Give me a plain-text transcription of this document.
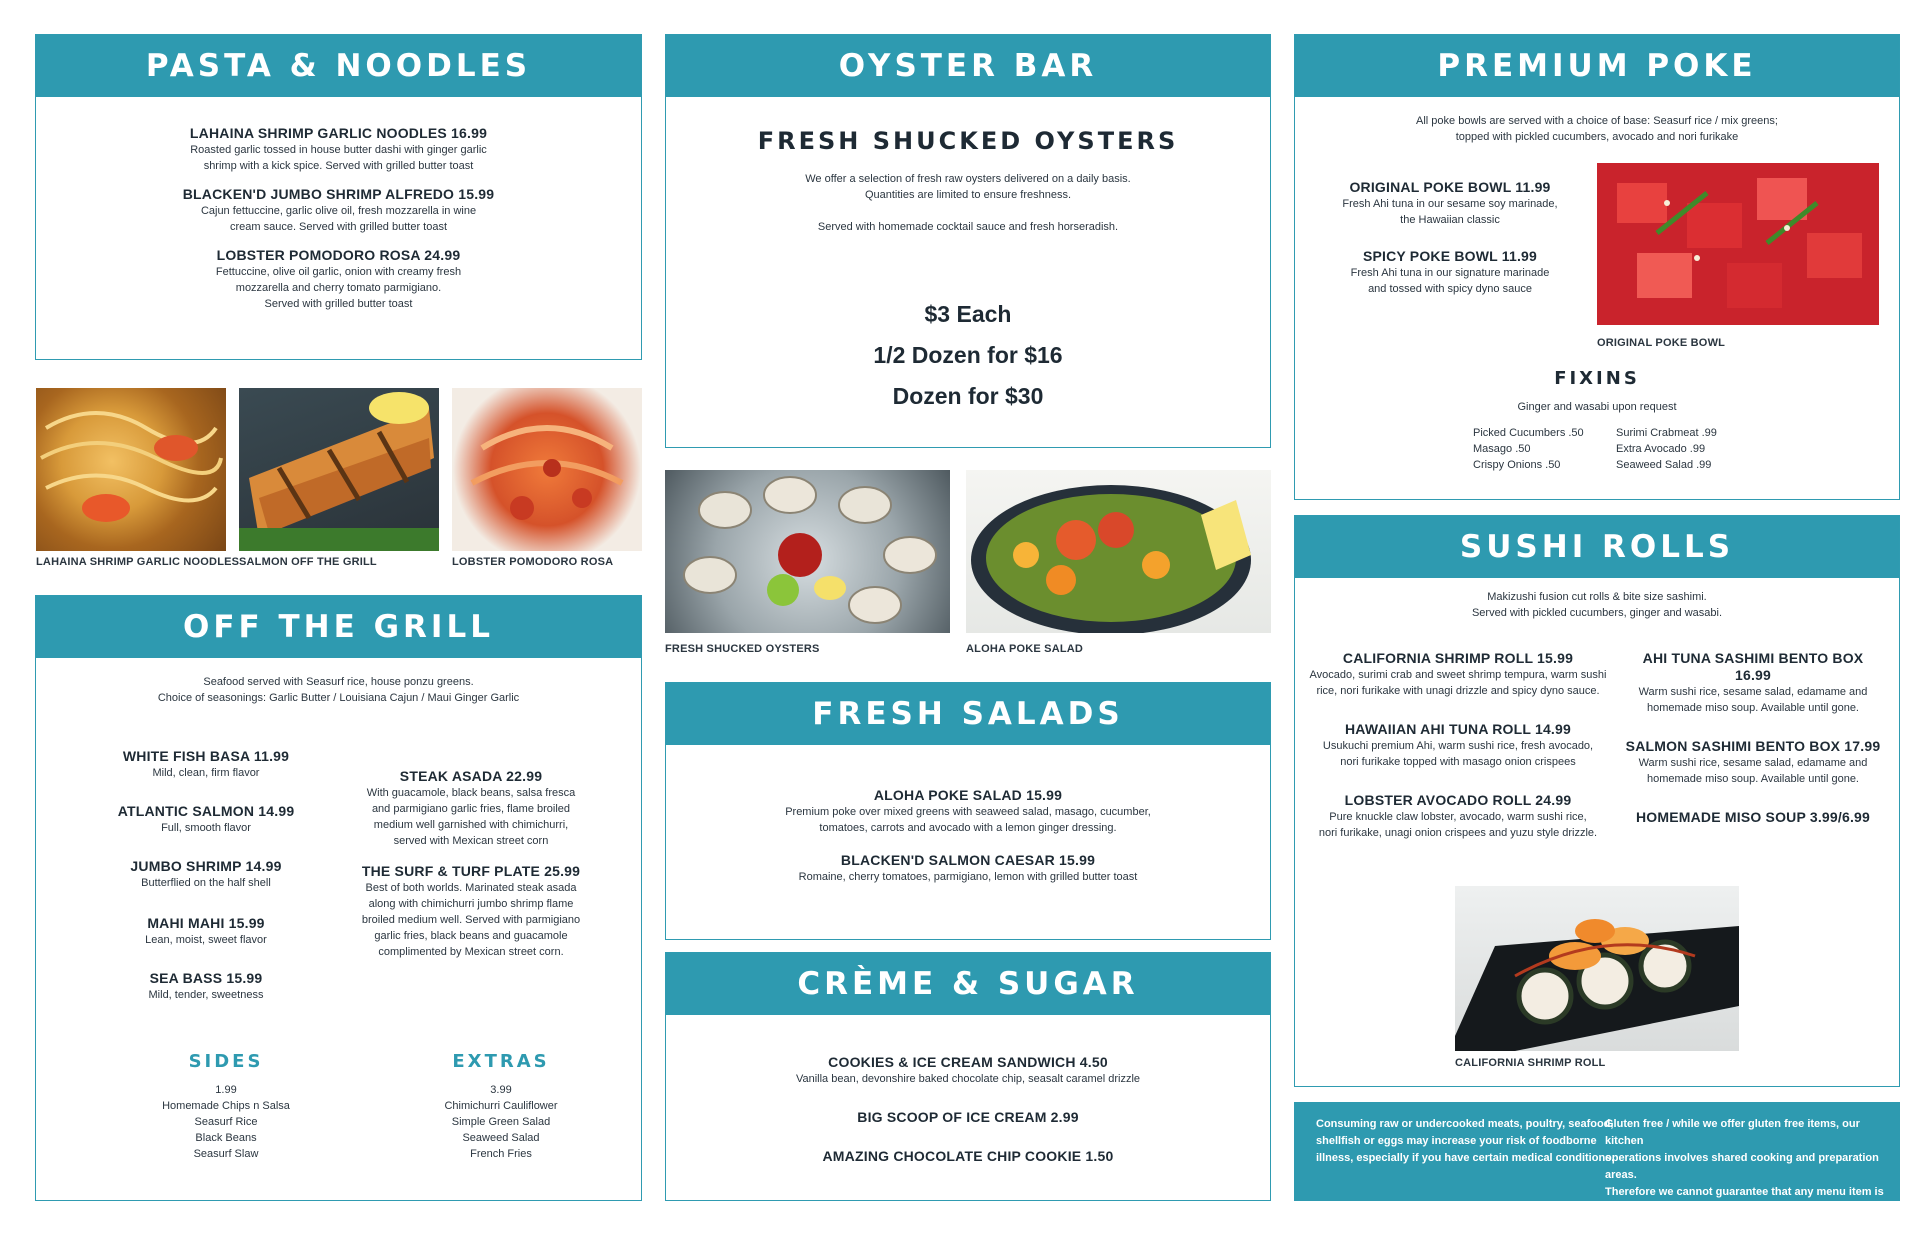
PASTA & NOODLES

LAHAINA SHRIMP GARLIC NOODLES 16.99

Roasted garlic tossed in house butter dashi with ginger garlic

shrimp with a kick spice. Served with grilled butter toast

BLACKEN'D JUMBO SHRIMP ALFREDO 15.99

Cajun fettuccine, garlic olive oil, fresh mozzarella in wine

cream sauce. Served with grilled butter toast

LOBSTER POMODORO ROSA 24.99

Fettuccine, olive oil garlic, onion with creamy fresh

mozzarella and cherry tomato parmigiano.

Served with grilled butter toast

LAHAINA SHRIMP GARLIC NOODLES SALMON OFF THE GRILL	LOBSTER POMODORO ROSA
OFF THE GRILL

Seafood served with Seasurf rice, house ponzu greens.

Choice of seasonings: Garlic Butter / Louisiana Cajun / Maui Ginger Garlic

WHITE FISH BASA 11.99

Mild, clean, firm flavor

ATLANTIC SALMON 14.99

Full, smooth flavor

JUMBO SHRIMP 14.99

Butterflied on the half shell

MAHI MAHI 15.99

Lean, moist, sweet flavor

SEA BASS 15.99

Mild, tender, sweetness

STEAK ASADA 22.99

With guacamole, black beans, salsa fresca

and parmigiano garlic fries, flame broiled

medium well garnished with chimichurri,

served with Mexican street corn

THE SURF & TURF PLATE 25.99

Best of both worlds. Marinated steak asada

along with chimichurri jumbo shrimp flame

broiled medium well. Served with parmigiano

garlic fries, black beans and guacamole

complimented by Mexican street corn.

SIDES

1.99

Homemade Chips n Salsa

Seasurf Rice

Black Beans

Seasurf Slaw

EXTRAS

3.99

Chimichurri Cauliflower

Simple Green Salad

Seaweed Salad

French Fries

OYSTER BAR
FRESH SHUCKED OYSTERS

We offer a selection of fresh raw oysters delivered on a daily basis.

Quantities are limited to ensure freshness.

Served with homemade cocktail sauce and fresh horseradish.

$3 Each

1/2 Dozen for $16

Dozen for $30

FRESH SHUCKED OYSTERS	ALOHA POKE SALAD
FRESH SALADS

ALOHA POKE SALAD 15.99

Premium poke over mixed greens with seaweed salad, masago, cucumber,

tomatoes, carrots and avocado with a lemon ginger dressing.

BLACKEN'D SALMON CAESAR 15.99

Romaine, cherry tomatoes, parmigiano, lemon with grilled butter toast

CRÈME & SUGAR

COOKIES & ICE CREAM SANDWICH 4.50

Vanilla bean, devonshire baked chocolate chip, seasalt caramel drizzle

BIG SCOOP OF ICE CREAM 2.99

AMAZING CHOCOLATE CHIP COOKIE 1.50

PREMIUM POKE

All poke bowls are served with a choice of base: Seasurf rice / mix greens;

topped with pickled cucumbers, avocado and nori furikake

ORIGINAL POKE BOWL 11.99

Fresh Ahi tuna in our sesame soy marinade,

the Hawaiian classic

SPICY POKE BOWL 11.99

Fresh Ahi tuna in our signature marinade

and tossed with spicy dyno sauce

ORIGINAL POKE BOWL
FIXINS

Ginger and wasabi upon request

Picked Cucumbers .50

Masago .50

Crispy Onions .50

Surimi Crabmeat .99

Extra Avocado .99

Seaweed Salad .99

SUSHI ROLLS

Makizushi fusion cut rolls & bite size sashimi.

Served with pickled cucumbers, ginger and wasabi.

CALIFORNIA SHRIMP ROLL 15.99

Avocado, surimi crab and sweet shrimp tempura, warm sushi

rice, nori furikake with unagi drizzle and spicy dyno sauce.

HAWAIIAN AHI TUNA ROLL 14.99

Usukuchi premium Ahi, warm sushi rice, fresh avocado,

nori furikake topped with masago onion crispees

LOBSTER AVOCADO ROLL 24.99

Pure knuckle claw lobster, avocado, warm sushi rice,

nori furikake, unagi onion crispees and yuzu style drizzle.

AHI TUNA SASHIMI BENTO BOX 16.99

Warm sushi rice, sesame salad, edamame and

homemade miso soup. Available until gone.

SALMON SASHIMI BENTO BOX 17.99

Warm sushi rice, sesame salad, edamame and

homemade miso soup. Available until gone.

HOMEMADE MISO SOUP 3.99/6.99

CALIFORNIA SHRIMP ROLL
Consuming raw or undercooked meats, poultry, seafood,
shellfish or eggs may increase your risk of foodborne
illness, especially if you have certain medical conditions.
Gluten free / while we offer gluten free items, our kitchen
operations involves shared cooking and preparation areas.
Therefore we cannot guarantee that any menu item is
completely free from gluten or any other particular allergen.
